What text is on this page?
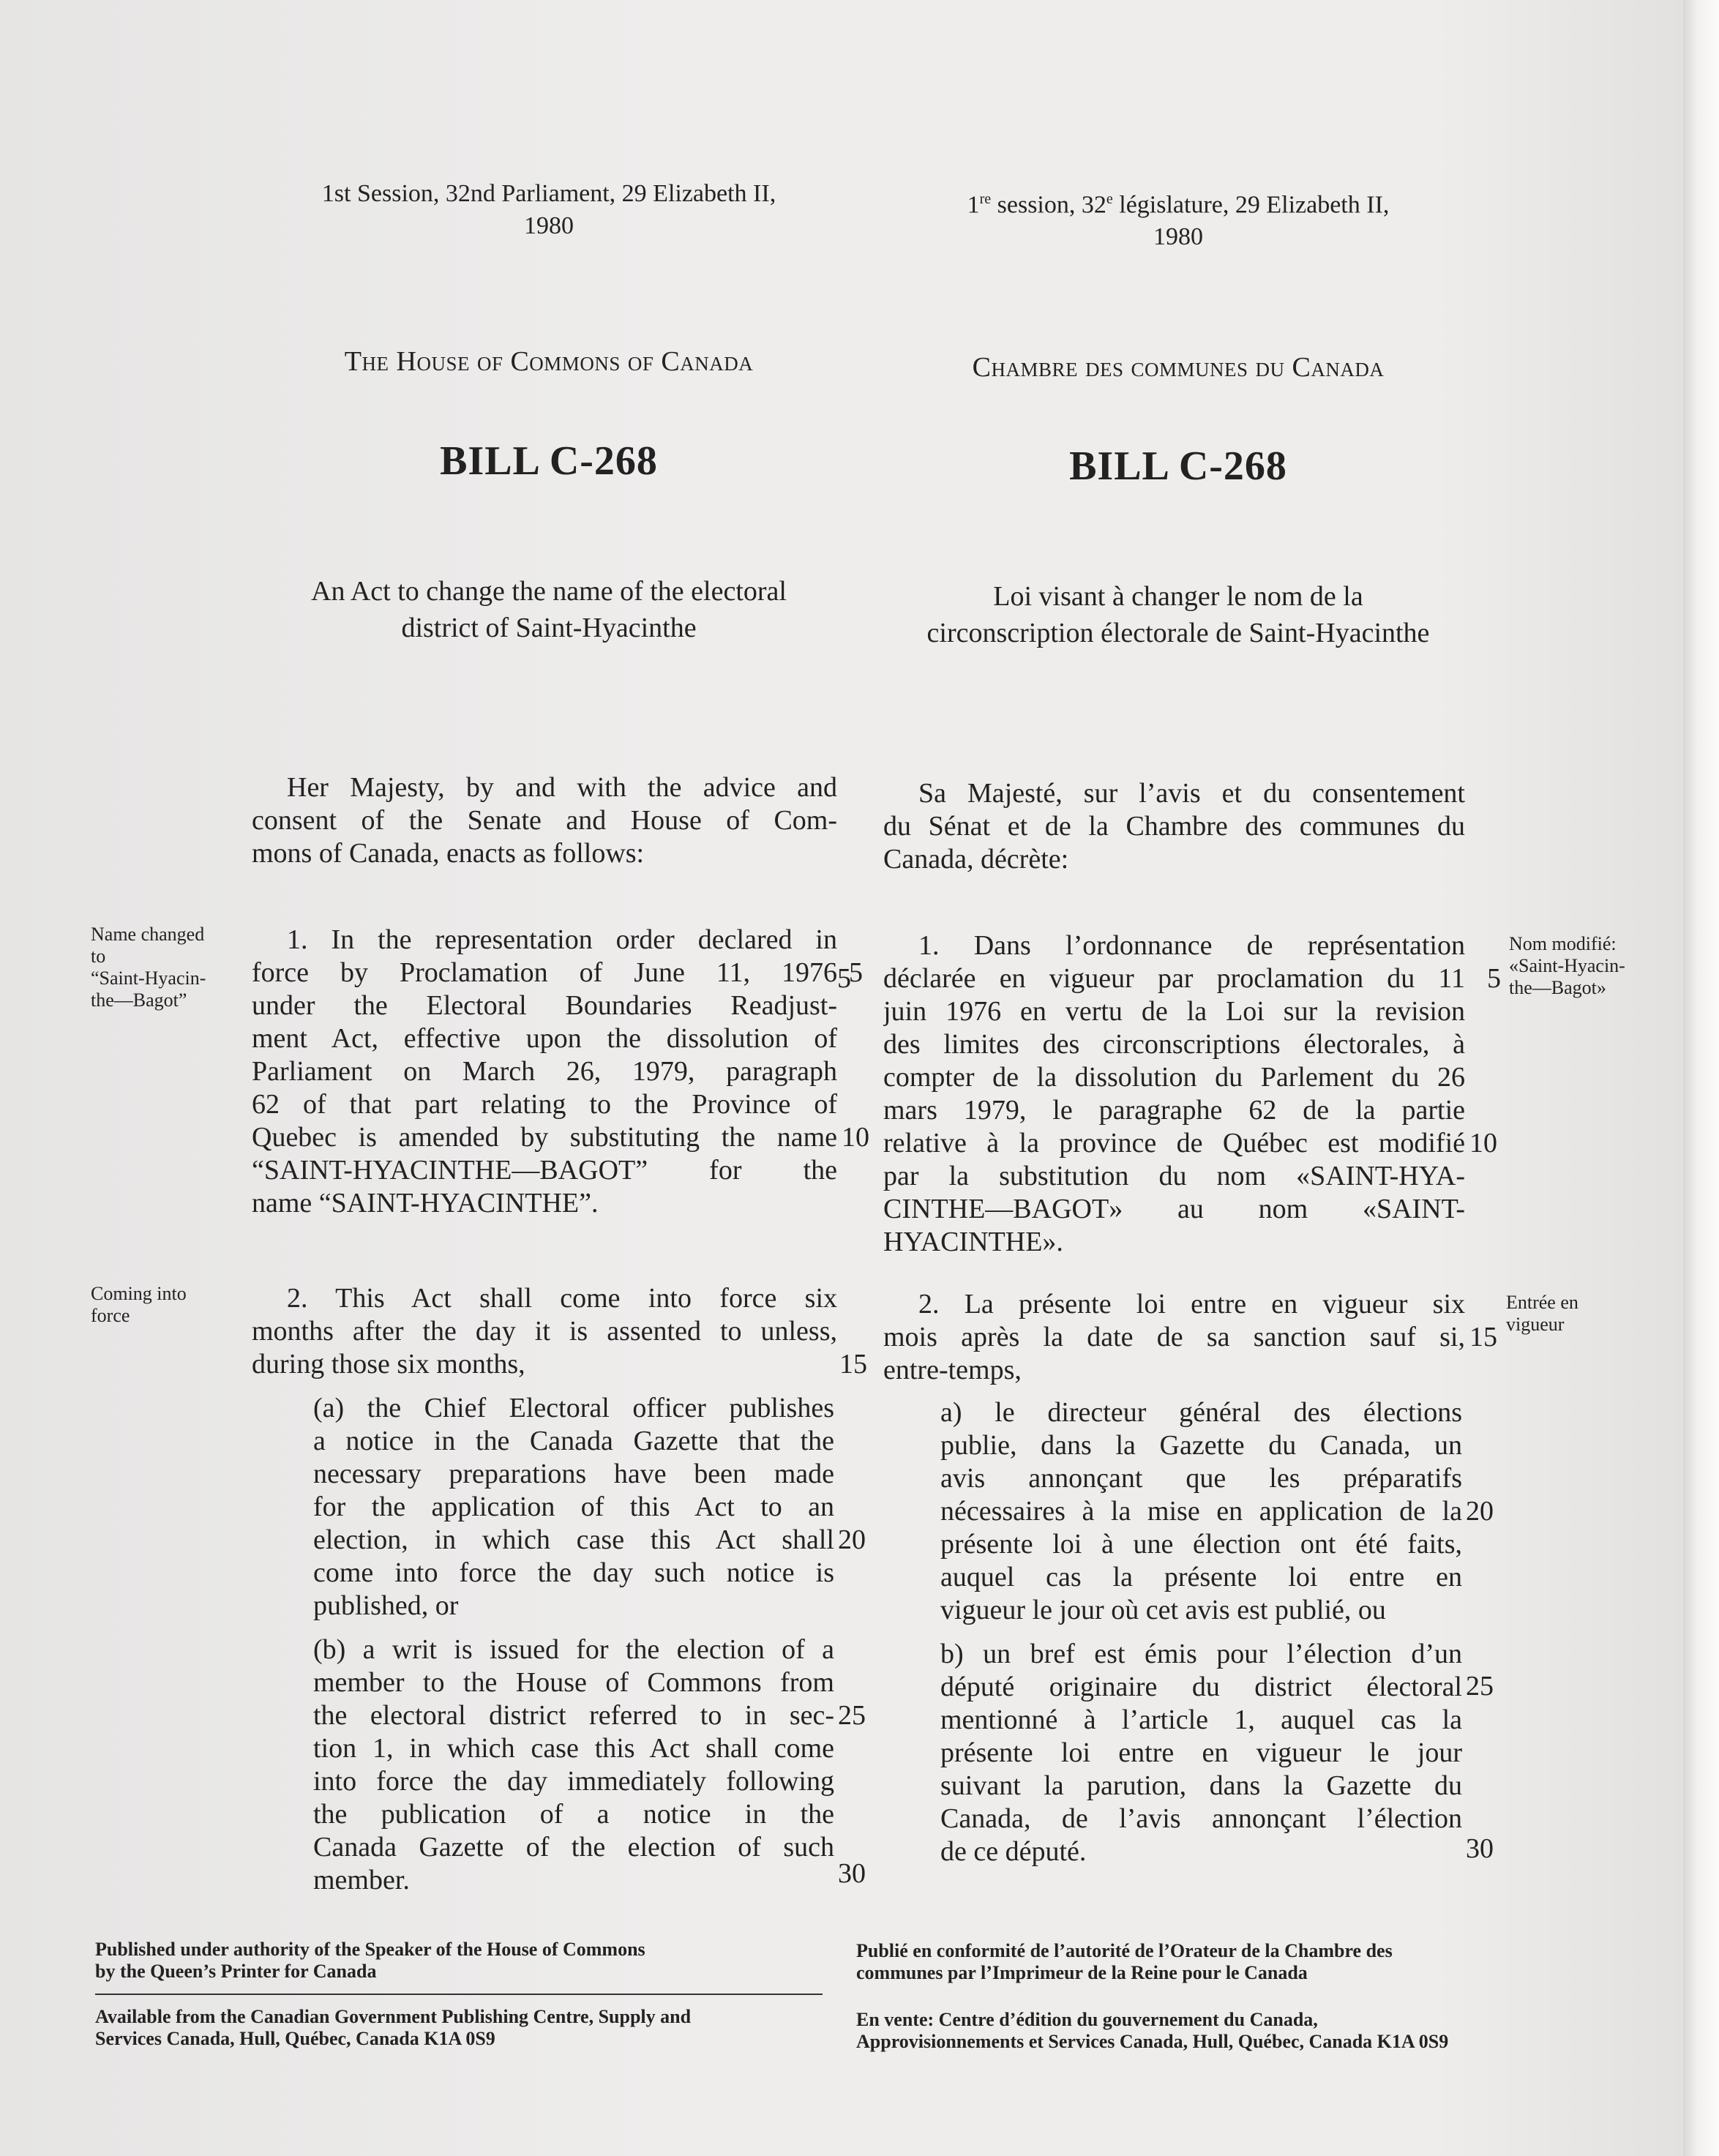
1st Session, 32nd Parliament, 29 Elizabeth II,
1980
The House of Commons of Canada
BILL C-268
An Act to change the name of the electoral
district of Saint-Hyacinthe
Her Majesty, by and with the advice and
consent of the Senate and House of Com-
mons of Canada, enacts as follows:
Name changed
to
“Saint-Hyacin-
the—Bagot”
1. In the representation order declared in
force by Proclamation of June 11, 1976
under the Electoral Boundaries Readjust-
ment Act, effective upon the dissolution of
Parliament on March 26, 1979, paragraph
62 of that part relating to the Province of
Quebec is amended by substituting the name
“SAINT-HYACINTHE—BAGOT” for the
name “SAINT-HYACINTHE”.
Coming into
force
2. This Act shall come into force six
months after the day it is assented to unless,
during those six months,
(a) the Chief Electoral officer publishes
a notice in the Canada Gazette that the
necessary preparations have been made
for the application of this Act to an
election, in which case this Act shall
come into force the day such notice is
published, or
(b) a writ is issued for the election of a
member to the House of Commons from
the electoral district referred to in sec-
tion 1, in which case this Act shall come
into force the day immediately following
the publication of a notice in the
Canada Gazette of the election of such
member.
5
10
15
20
25
30
Published under authority of the Speaker of the House of Commons
by the Queen’s Printer for Canada
Available from the Canadian Government Publishing Centre, Supply and
Services Canada, Hull, Québec, Canada K1A 0S9
1re session, 32e législature, 29 Elizabeth II,
1980
Chambre des communes du Canada
BILL C-268
Loi visant à changer le nom de la
circonscription électorale de Saint-Hyacinthe
Sa Majesté, sur l’avis et du consentement
du Sénat et de la Chambre des communes du
Canada, décrète:
1. Dans l’ordonnance de représentation
déclarée en vigueur par proclamation du 11
juin 1976 en vertu de la Loi sur la revision
des limites des circonscriptions électorales, à
compter de la dissolution du Parlement du 26
mars 1979, le paragraphe 62 de la partie
relative à la province de Québec est modifié
par la substitution du nom «SAINT-HYA-
CINTHE—BAGOT» au nom «SAINT-
HYACINTHE».
Nom modifié:
«Saint-Hyacin-
the—Bagot»
2. La présente loi entre en vigueur six
mois après la date de sa sanction sauf si,
entre-temps,
Entrée en
vigueur
a) le directeur général des élections
publie, dans la Gazette du Canada, un
avis annonçant que les préparatifs
nécessaires à la mise en application de la
présente loi à une élection ont été faits,
auquel cas la présente loi entre en
vigueur le jour où cet avis est publié, ou
b) un bref est émis pour l’élection d’un
député originaire du district électoral
mentionné à l’article 1, auquel cas la
présente loi entre en vigueur le jour
suivant la parution, dans la Gazette du
Canada, de l’avis annonçant l’élection
de ce député.
5	5
10
15
20
25
30
Publié en conformité de l’autorité de l’Orateur de la Chambre des
communes par l’Imprimeur de la Reine pour le Canada
En vente: Centre d’édition du gouvernement du Canada,
Approvisionnements et Services Canada, Hull, Québec, Canada K1A 0S9
